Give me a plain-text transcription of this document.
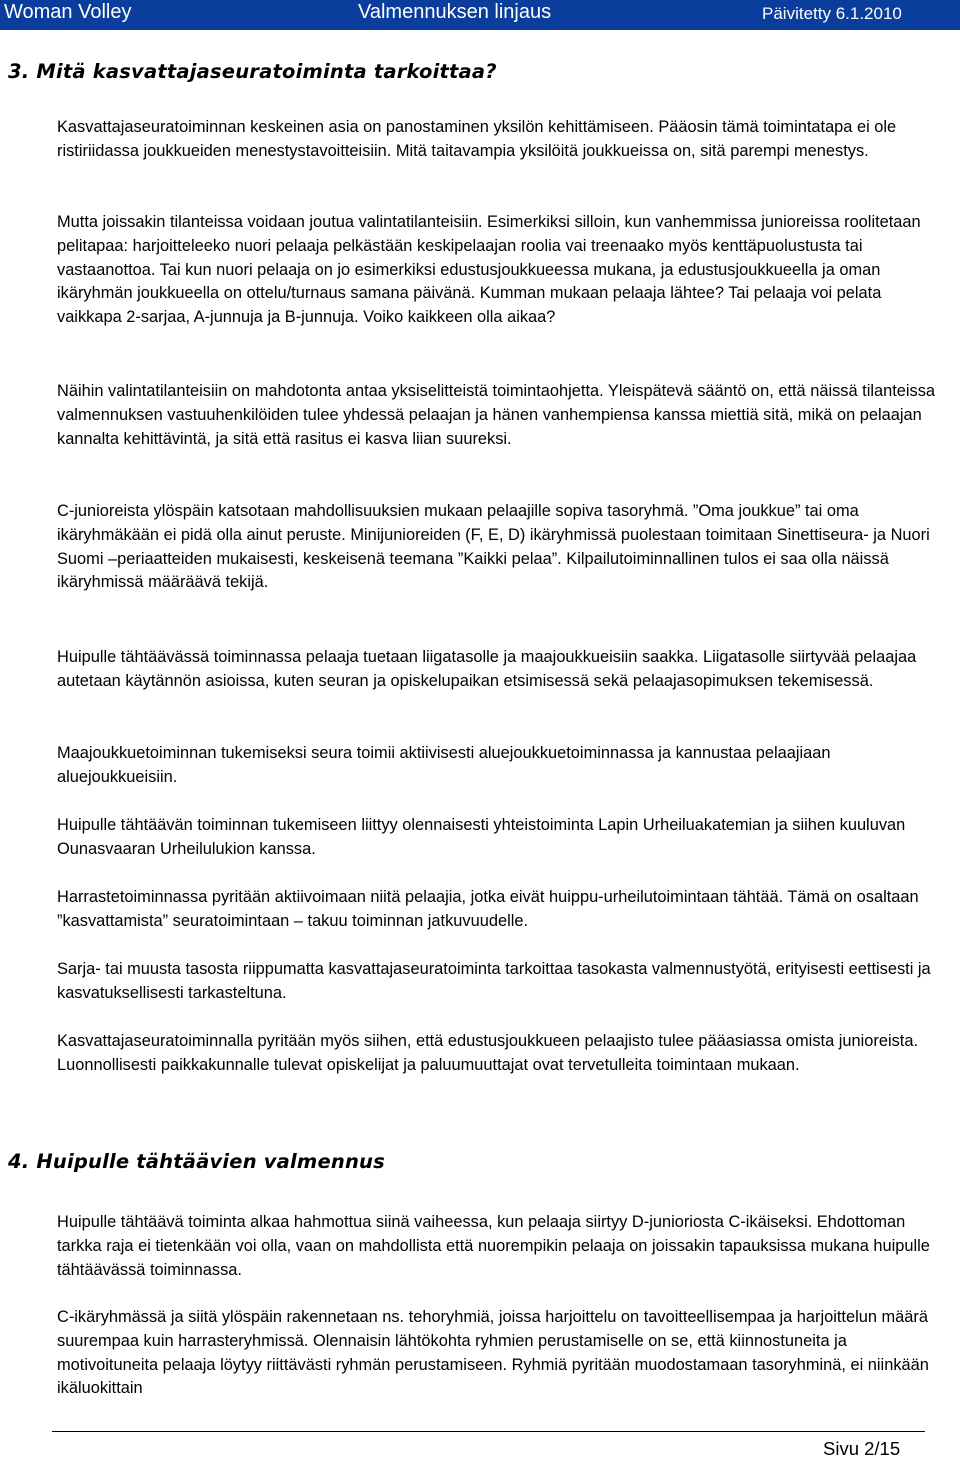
Woman Volley	Valmennuksen linjaus	Päivitetty 6.1.2010
3. Mitä kasvattajaseuratoiminta tarkoittaa?

Kasvattajaseuratoiminnan keskeinen asia on panostaminen yksilön kehittämiseen. Pääosin tämä toimintatapa ei ole ristiriidassa joukkueiden menestystavoitteisiin. Mitä taitavampia yksilöitä joukkueissa on, sitä parempi menestys.

Mutta joissakin tilanteissa voidaan joutua valintatilanteisiin. Esimerkiksi silloin, kun vanhemmissa junioreissa roolitetaan pelitapaa: harjoitteleeko nuori pelaaja pelkästään keskipelaajan roolia vai treenaako myös kenttäpuolustusta tai vastaanottoa. Tai kun nuori pelaaja on jo esimerkiksi edustusjoukkueessa mukana, ja edustusjoukkueella ja oman ikäryhmän joukkueella on ottelu/turnaus samana päivänä. Kumman mukaan pelaaja lähtee? Tai pelaaja voi pelata vaikkapa 2-sarjaa, A-junnuja ja B-junnuja. Voiko kaikkeen olla aikaa?

Näihin valintatilanteisiin on mahdotonta antaa yksiselitteistä toimintaohjetta. Yleispätevä sääntö on, että näissä tilanteissa valmennuksen vastuuhenkilöiden tulee yhdessä pelaajan ja hänen vanhempiensa kanssa miettiä sitä, mikä on pelaajan kannalta kehittävintä, ja sitä että rasitus ei kasva liian suureksi.

C-junioreista ylöspäin katsotaan mahdollisuuksien mukaan pelaajille sopiva tasoryhmä. ”Oma joukkue” tai oma ikäryhmäkään ei pidä olla ainut peruste. Minijunioreiden (F, E, D) ikäryhmissä puolestaan toimitaan Sinettiseura- ja Nuori Suomi –periaatteiden mukaisesti, keskeisenä teemana ”Kaikki pelaa”. Kilpailutoiminnallinen tulos ei saa olla näissä ikäryhmissä määräävä tekijä.

Huipulle tähtäävässä toiminnassa pelaaja tuetaan liigatasolle ja maajoukkueisiin saakka. Liigatasolle siirtyvää pelaajaa autetaan käytännön asioissa, kuten seuran ja opiskelupaikan etsimisessä sekä pelaajasopimuksen tekemisessä.

Maajoukkuetoiminnan tukemiseksi seura toimii aktiivisesti aluejoukkuetoiminnassa ja kannustaa pelaajiaan aluejoukkueisiin.

Huipulle tähtäävän toiminnan tukemiseen liittyy olennaisesti yhteistoiminta Lapin Urheiluakatemian ja siihen kuuluvan Ounasvaaran Urheilulukion kanssa.

Harrastetoiminnassa pyritään aktiivoimaan niitä pelaajia, jotka eivät huippu-urheilutoimintaan tähtää. Tämä on osaltaan ”kasvattamista” seuratoimintaan – takuu toiminnan jatkuvuudelle.

Sarja- tai muusta tasosta riippumatta kasvattajaseuratoiminta tarkoittaa tasokasta valmennustyötä, erityisesti eettisesti ja kasvatuksellisesti tarkasteltuna.

Kasvattajaseuratoiminnalla pyritään myös siihen, että edustusjoukkueen pelaajisto tulee pääasiassa omista junioreista. Luonnollisesti paikkakunnalle tulevat opiskelijat ja paluumuuttajat ovat tervetulleita toimintaan mukaan.

4. Huipulle tähtäävien valmennus

Huipulle tähtäävä toiminta alkaa hahmottua siinä vaiheessa, kun pelaaja siirtyy D-junioriosta C-ikäiseksi. Ehdottoman tarkka raja ei tietenkään voi olla, vaan on mahdollista että nuorempikin pelaaja on joissakin tapauksissa mukana huipulle tähtäävässä toiminnassa.

C-ikäryhmässä ja siitä ylöspäin rakennetaan ns. tehoryhmiä, joissa harjoittelu on tavoitteellisempaa ja harjoittelun määrä suurempaa kuin harrasteryhmissä. Olennaisin lähtökohta ryhmien perustamiselle on se, että kiinnostuneita ja motivoituneita pelaaja löytyy riittävästi ryhmän perustamiseen. Ryhmiä pyritään muodostamaan tasoryhminä, ei niinkään ikäluokittain

Sivu 2/15
